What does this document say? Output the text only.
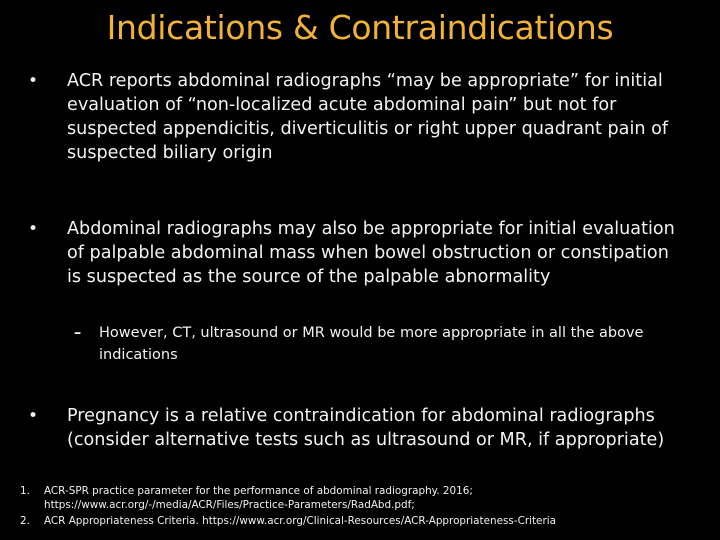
Indications & Contraindications
• ACR reports abdominal radiographs “may be appropriate” for initial evaluation of “non-localized acute abdominal pain” but not for suspected appendicitis, diverticulitis or right upper quadrant pain of suspected biliary origin
• Abdominal radiographs may also be appropriate for initial evaluation of palpable abdominal mass when bowel obstruction or constipation is suspected as the source of the palpable abnormality
– However, CT, ultrasound or MR would be more appropriate in all the above indications
• Pregnancy is a relative contraindication for abdominal radiographs (consider alternative tests such as ultrasound or MR, if appropriate)
1. ACR-SPR practice parameter for the performance of abdominal radiography. 2016; https://www.acr.org/-/media/ACR/Files/Practice-Parameters/RadAbd.pdf;
2. ACR Appropriateness Criteria. https://www.acr.org/Clinical-Resources/ACR-Appropriateness-Criteria
